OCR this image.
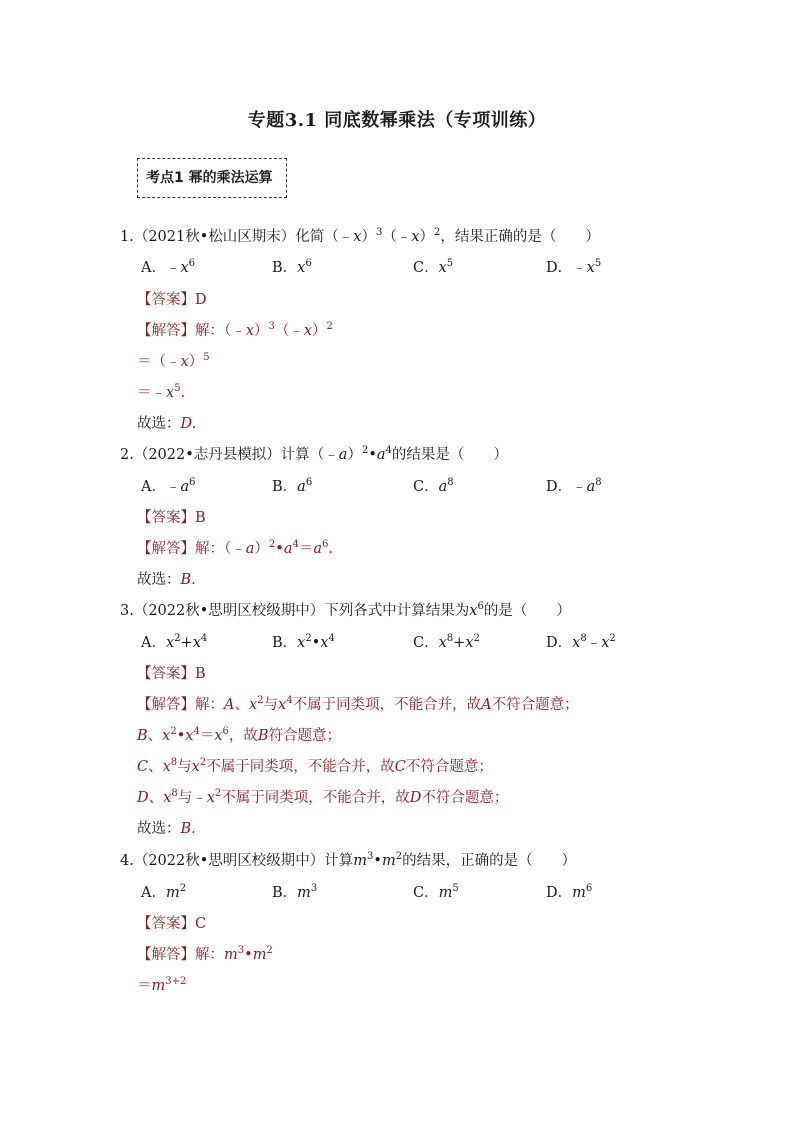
专题3.1 同底数幂乘法（专项训练）
考点1 幂的乘法运算
1.（2021秋•松山区期末）化简（﹣x）$^3$（﹣x）$^2$，结果正确的是（　　）
A．$﹣x^6$	B．$x^6$	C．$x^5$	D．$﹣x^5$
【答案】D
【解答】解：（﹣x）$^3$（﹣x）$^2$
＝（﹣x）$^5$
$=﹣x^5$.
故选：D.
2.（2022•志丹县模拟）计算$(﹣a)^2•a^4$的结果是（　　）
A．$﹣a^6$	B．$a^6$	C．$a^8$	D．$﹣a^8$
【答案】B
【解答】解：$(﹣a)^2•a^4=a^6$.
故选：B.
3.（2022秋•思明区校级期中）下列各式中计算结果为$x^6$的是（　　）
A．$x^2+x^4$	B．$x^2•x^4$	C．$x^8+x^2$	D．$x^8﹣x^2$
【答案】B
【解答】解：A、$x^2$与$x^4$不属于同类项，不能合并，故A不符合题意；
B、$x^2•x^4=x^6$，故B符合题意；
C、$x^8$与$x^2$不属于同类项，不能合并，故C不符合题意；
D、$x^8$与$﹣x^2$不属于同类项，不能合并，故D不符合题意；
故选：B.
4.（2022秋•思明区校级期中）计算$m^3•m^2$的结果，正确的是（　　）
A．$m^2$	B．$m^3$	C．$m^5$	D．$m^6$
【答案】C
【解答】解：$m^3•m^2$
$=m^{3+2}$
